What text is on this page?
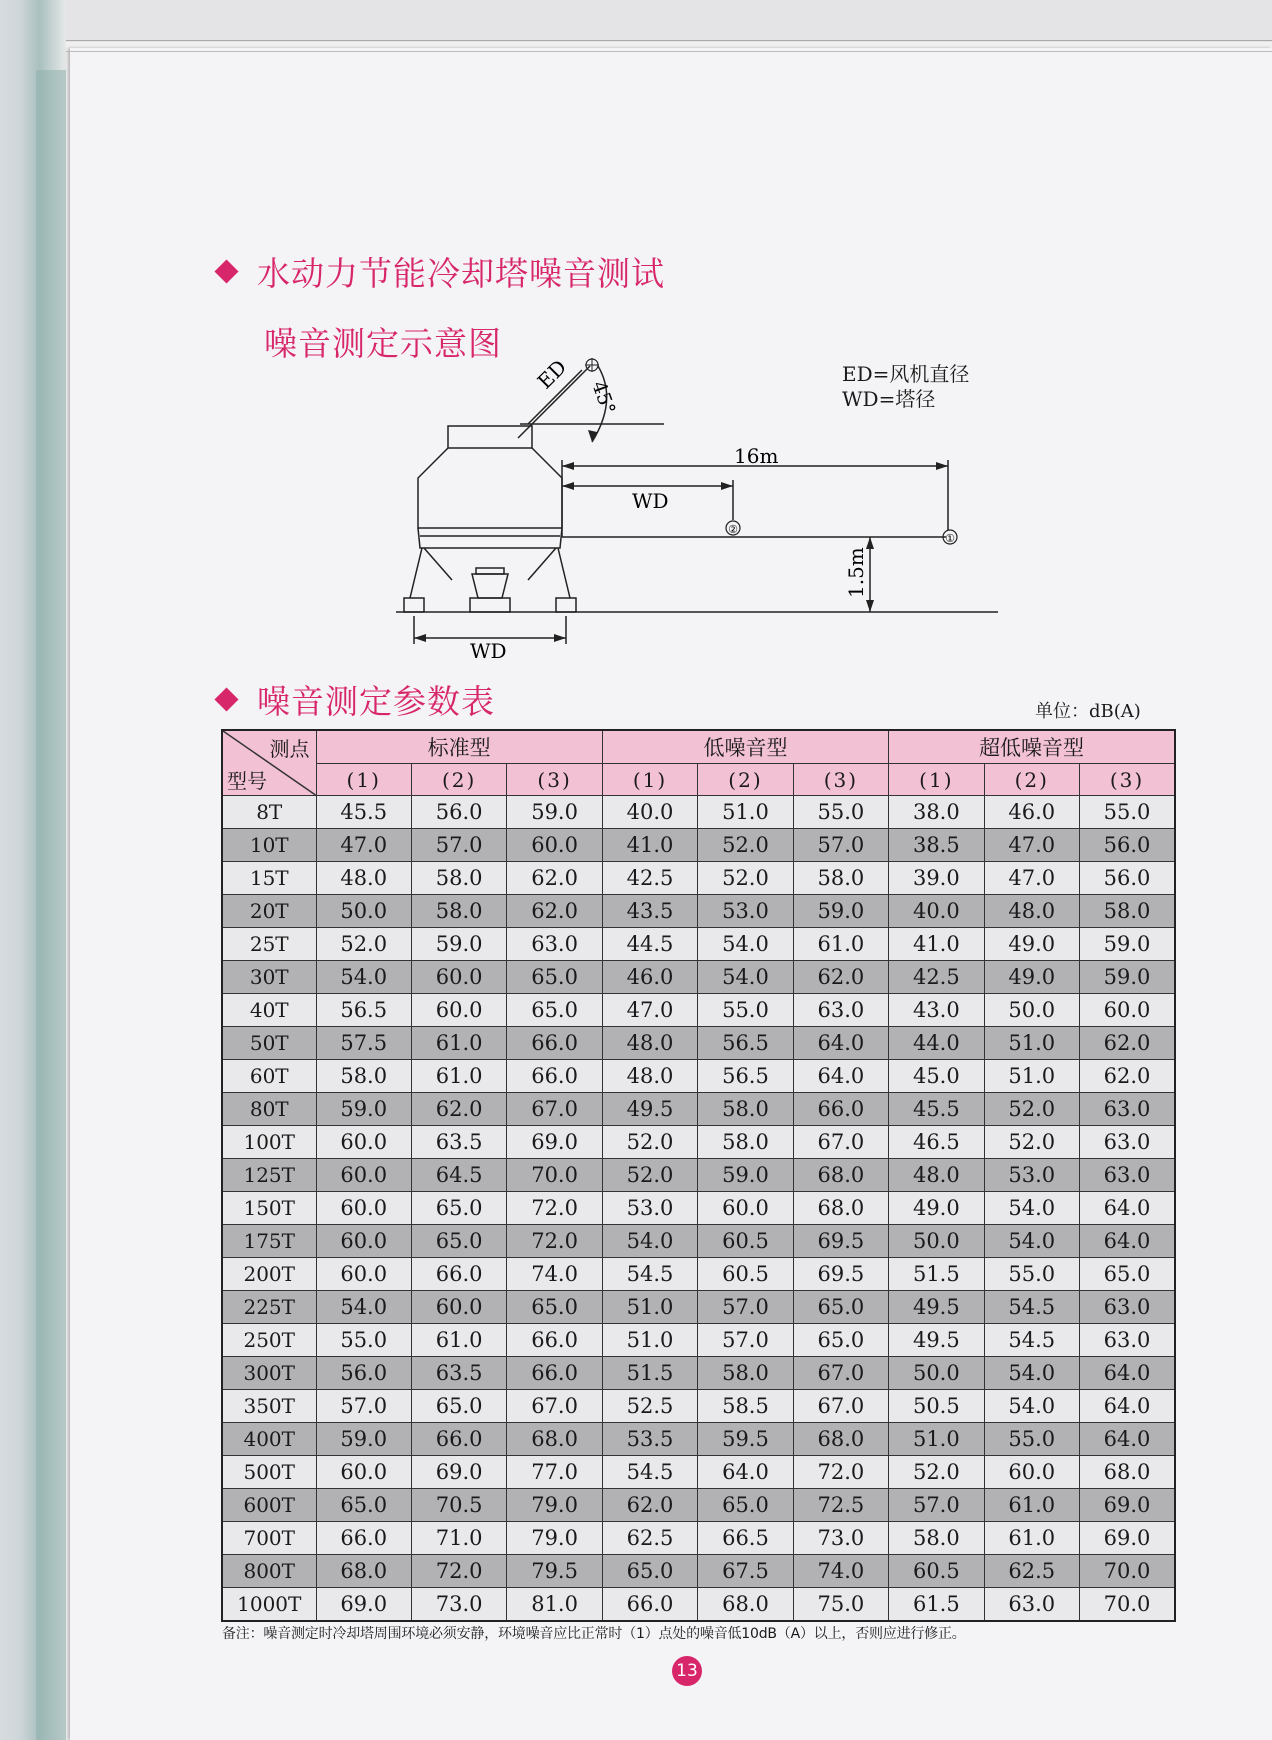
水动力节能冷却塔噪音测试
噪音测定示意图
ED=风机直径
WD=塔径
②
①
16m
WD
WD
1.5m
ED
45°
噪音测定参数表	单位：dB(A)
测点
型号	标准型			低噪音型			超低噪音型		
	(1)	(2)	(3)	(1)	(2)	(3)	(1)	(2)	(3)
8T	45.5	56.0	59.0	40.0	51.0	55.0	38.0	46.0	55.0
10T	47.0	57.0	60.0	41.0	52.0	57.0	38.5	47.0	56.0
15T	48.0	58.0	62.0	42.5	52.0	58.0	39.0	47.0	56.0
20T	50.0	58.0	62.0	43.5	53.0	59.0	40.0	48.0	58.0
25T	52.0	59.0	63.0	44.5	54.0	61.0	41.0	49.0	59.0
30T	54.0	60.0	65.0	46.0	54.0	62.0	42.5	49.0	59.0
40T	56.5	60.0	65.0	47.0	55.0	63.0	43.0	50.0	60.0
50T	57.5	61.0	66.0	48.0	56.5	64.0	44.0	51.0	62.0
60T	58.0	61.0	66.0	48.0	56.5	64.0	45.0	51.0	62.0
80T	59.0	62.0	67.0	49.5	58.0	66.0	45.5	52.0	63.0
100T	60.0	63.5	69.0	52.0	58.0	67.0	46.5	52.0	63.0
125T	60.0	64.5	70.0	52.0	59.0	68.0	48.0	53.0	63.0
150T	60.0	65.0	72.0	53.0	60.0	68.0	49.0	54.0	64.0
175T	60.0	65.0	72.0	54.0	60.5	69.5	50.0	54.0	64.0
200T	60.0	66.0	74.0	54.5	60.5	69.5	51.5	55.0	65.0
225T	54.0	60.0	65.0	51.0	57.0	65.0	49.5	54.5	63.0
250T	55.0	61.0	66.0	51.0	57.0	65.0	49.5	54.5	63.0
300T	56.0	63.5	66.0	51.5	58.0	67.0	50.0	54.0	64.0
350T	57.0	65.0	67.0	52.5	58.5	67.0	50.5	54.0	64.0
400T	59.0	66.0	68.0	53.5	59.5	68.0	51.0	55.0	64.0
500T	60.0	69.0	77.0	54.5	64.0	72.0	52.0	60.0	68.0
600T	65.0	70.5	79.0	62.0	65.0	72.5	57.0	61.0	69.0
700T	66.0	71.0	79.0	62.5	66.5	73.0	58.0	61.0	69.0
800T	68.0	72.0	79.5	65.0	67.5	74.0	60.5	62.5	70.0
1000T	69.0	73.0	81.0	66.0	68.0	75.0	61.5	63.0	70.0
备注：噪音测定时冷却塔周围环境必须安静，环境噪音应比正常时（1）点处的噪音低10dB（A）以上，否则应进行修正。
13
